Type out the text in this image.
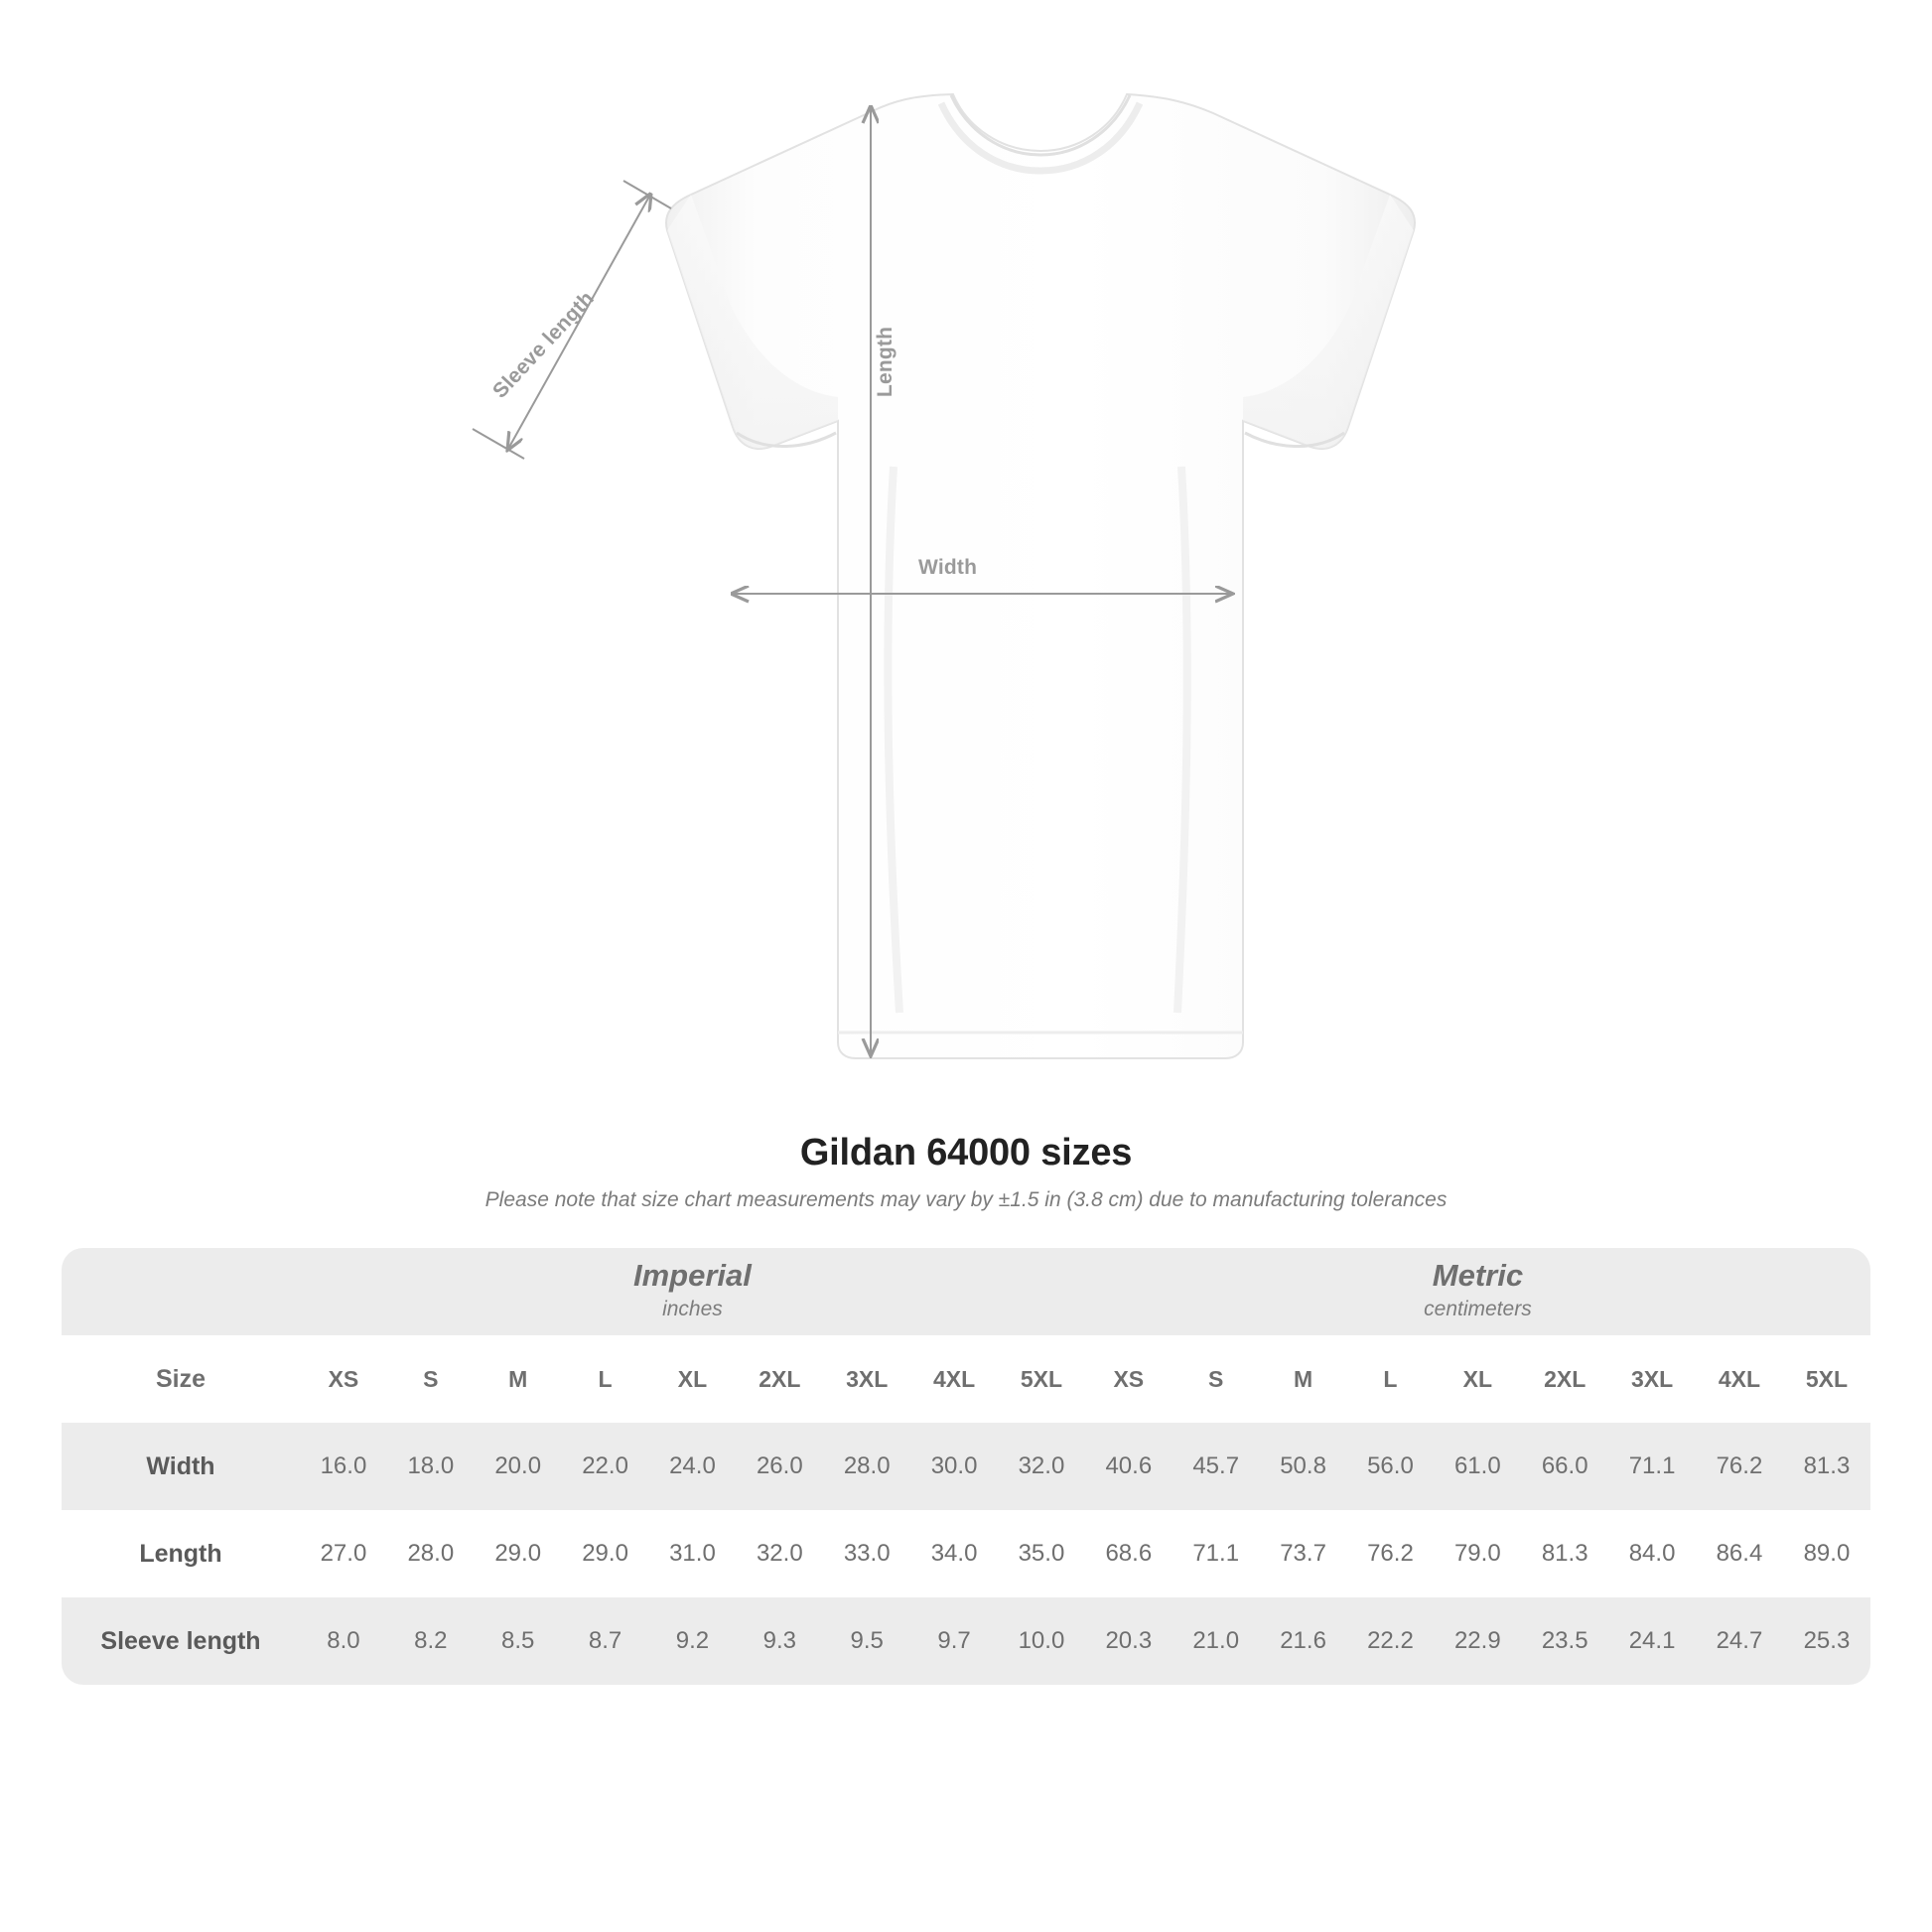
Width
Length
Sleeve length
Gildan 64000 sizes

Please note that size chart measurements may vary by ±1.5 in (3.8 cm) due to manufacturing tolerances

Imperial
inches

Metric
centimeters

Size	XS	S	M	L	XL	2XL	3XL	4XL	5XL	XS	S	M	L	XL	2XL	3XL	4XL	5XL
Width	16.0	18.0	20.0	22.0	24.0	26.0	28.0	30.0	32.0	40.6	45.7	50.8	56.0	61.0	66.0	71.1	76.2	81.3
Length	27.0	28.0	29.0	29.0	31.0	32.0	33.0	34.0	35.0	68.6	71.1	73.7	76.2	79.0	81.3	84.0	86.4	89.0
Sleeve length	8.0	8.2	8.5	8.7	9.2	9.3	9.5	9.7	10.0	20.3	21.0	21.6	22.2	22.9	23.5	24.1	24.7	25.3
